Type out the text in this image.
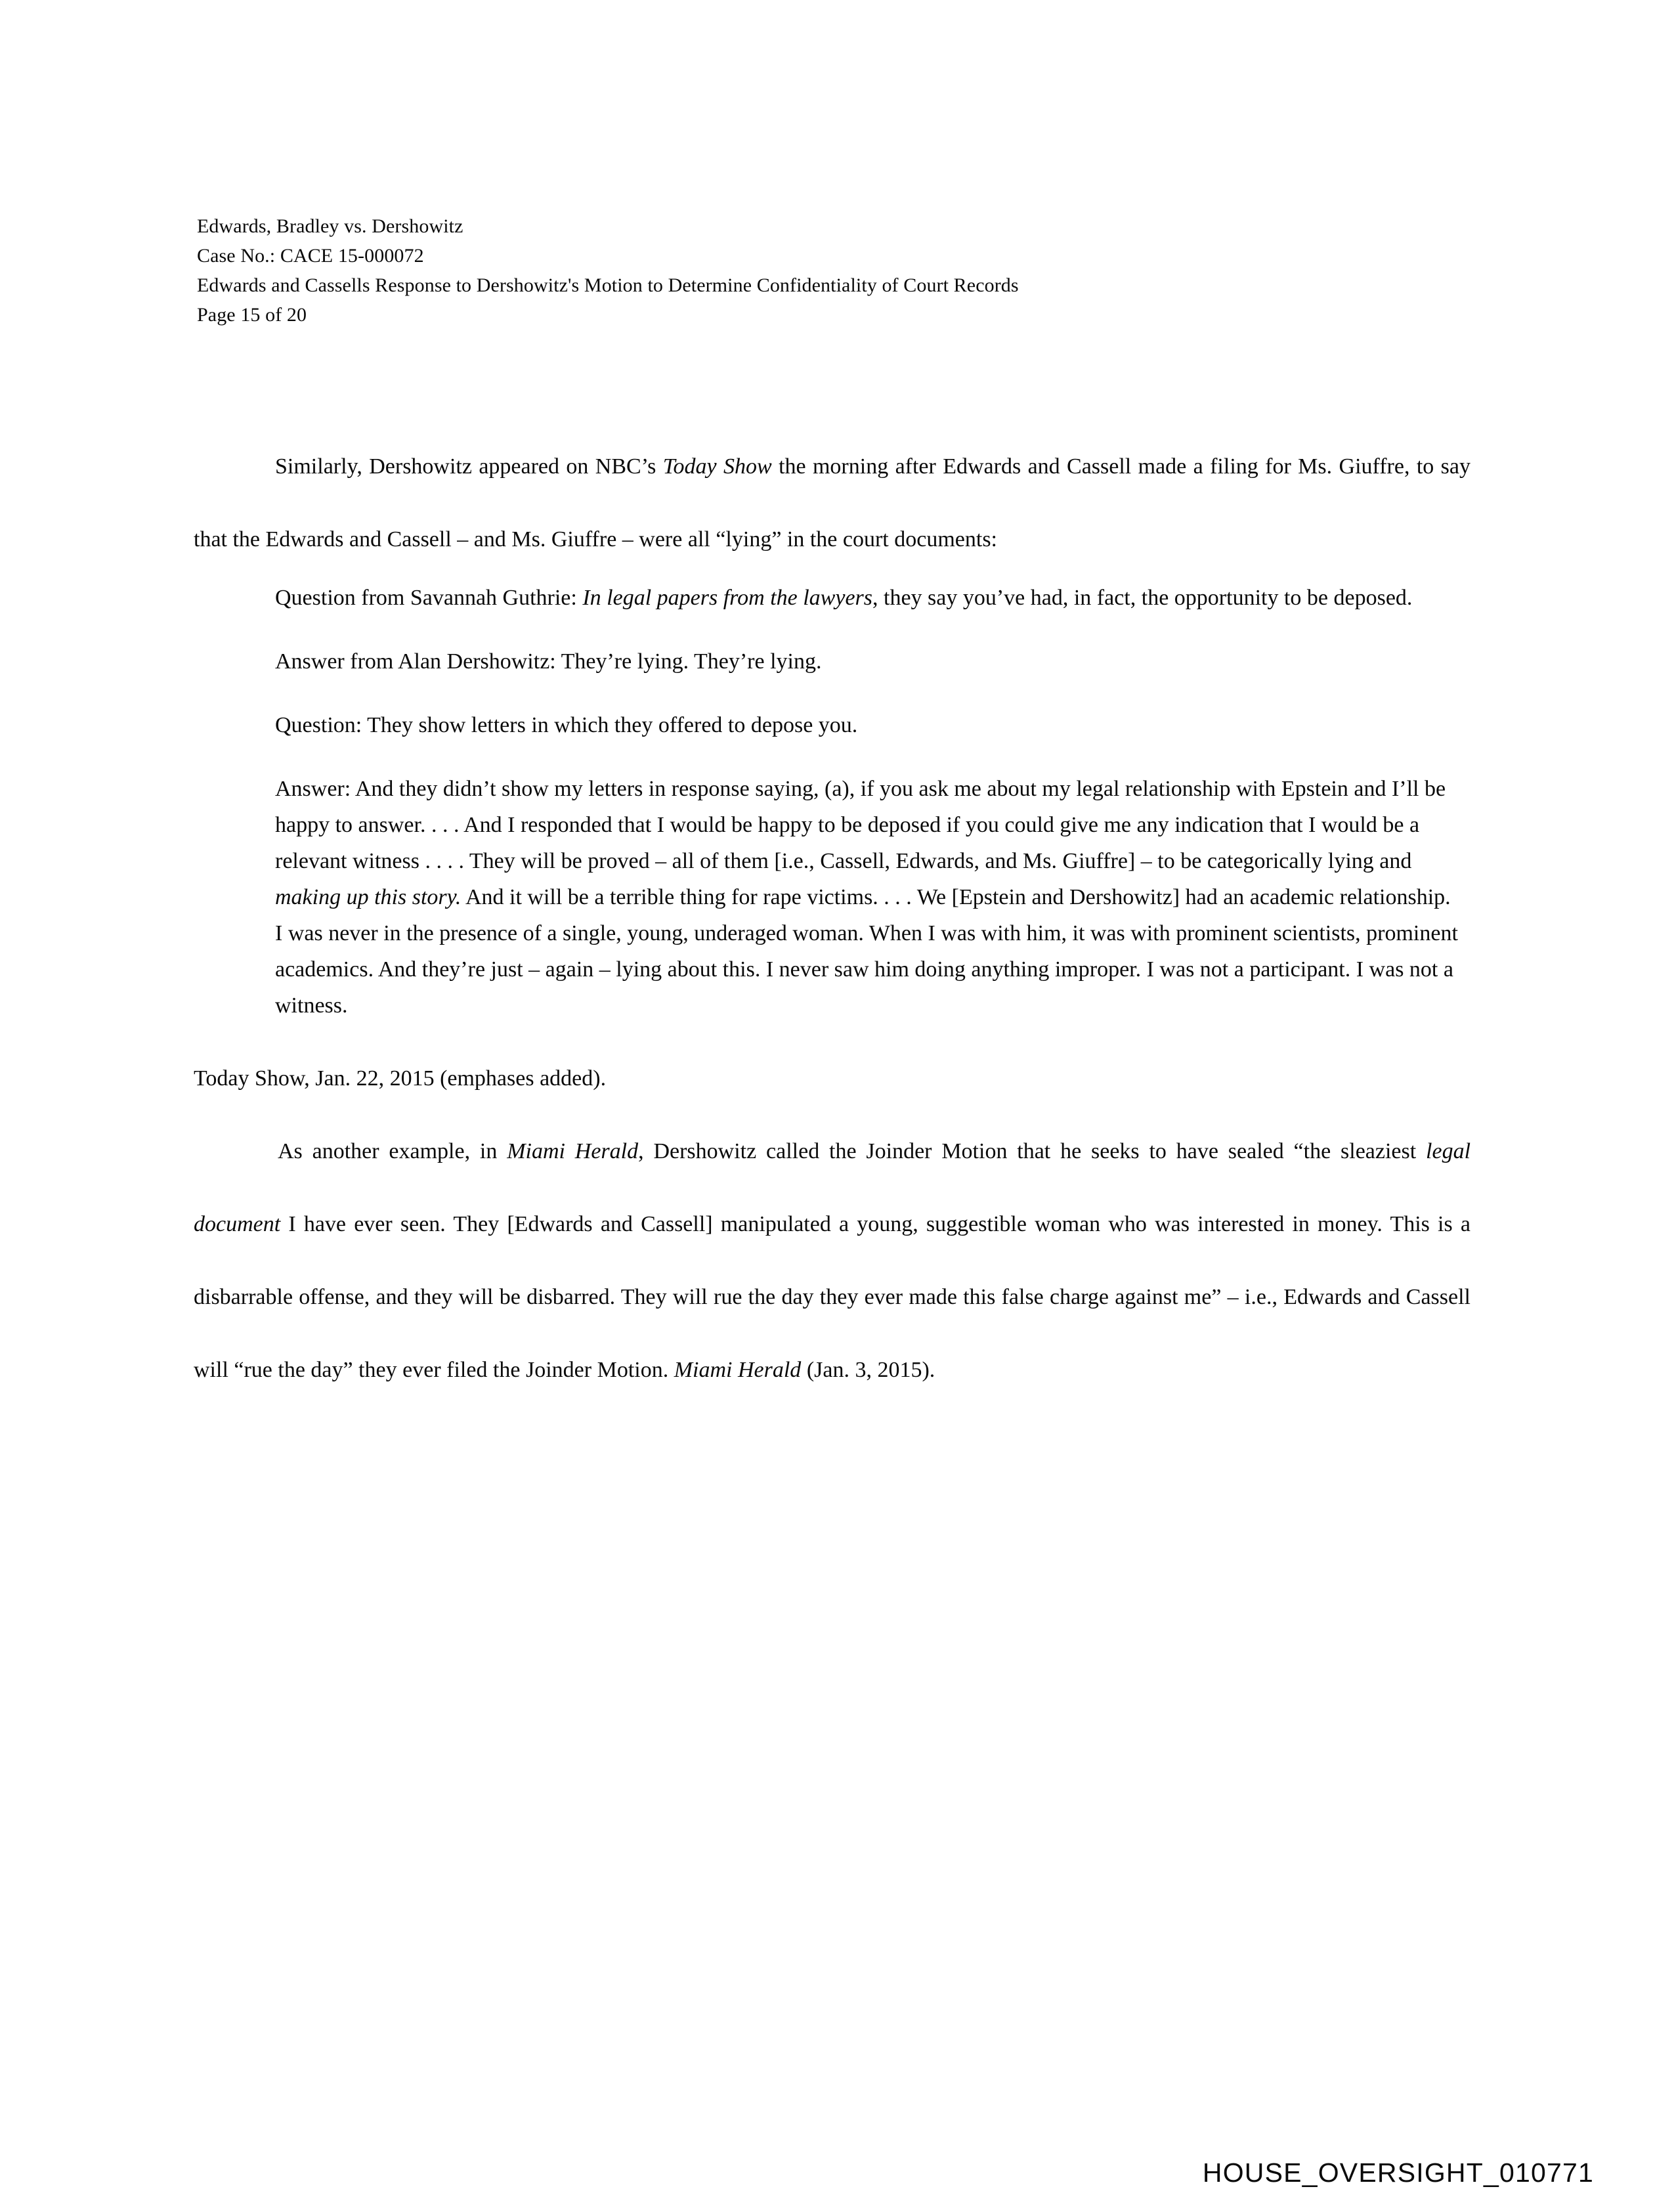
Edwards, Bradley vs. Dershowitz
Case No.: CACE 15-000072
Edwards and Cassells Response to Dershowitz's Motion to Determine Confidentiality of Court Records
Page 15 of 20

Similarly, Dershowitz appeared on NBC’s Today Show the morning after Edwards and Cassell made a filing for Ms. Giuffre, to say that the Edwards and Cassell – and Ms. Giuffre – were all “lying” in the court documents:

Question from Savannah Guthrie: In legal papers from the lawyers, they say you’ve had, in fact, the opportunity to be deposed.

Answer from Alan Dershowitz: They’re lying. They’re lying.

Question: They show letters in which they offered to depose you.

Answer: And they didn’t show my letters in response saying, (a), if you ask me about my legal relationship with Epstein and I’ll be happy to answer. . . . And I responded that I would be happy to be deposed if you could give me any indication that I would be a relevant witness . . . . They will be proved – all of them [i.e., Cassell, Edwards, and Ms. Giuffre] – to be categorically lying and making up this story. And it will be a terrible thing for rape victims. . . . We [Epstein and Dershowitz] had an academic relationship. I was never in the presence of a single, young, underaged woman. When I was with him, it was with prominent scientists, prominent academics. And they’re just – again – lying about this. I never saw him doing anything improper. I was not a participant. I was not a witness.

Today Show, Jan. 22, 2015 (emphases added).

As another example, in Miami Herald, Dershowitz called the Joinder Motion that he seeks to have sealed “the sleaziest legal document I have ever seen. They [Edwards and Cassell] manipulated a young, suggestible woman who was interested in money. This is a disbarrable offense, and they will be disbarred. They will rue the day they ever made this false charge against me” – i.e., Edwards and Cassell will “rue the day” they ever filed the Joinder Motion. Miami Herald (Jan. 3, 2015).

HOUSE_OVERSIGHT_010771
